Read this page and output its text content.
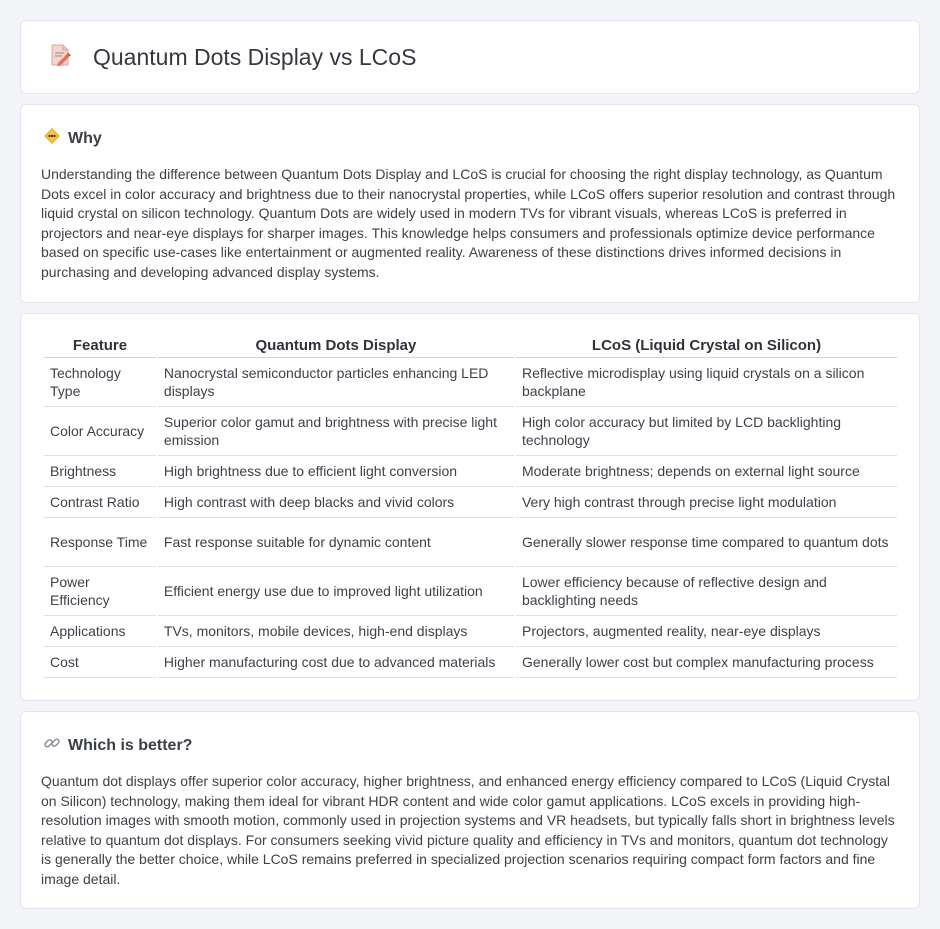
Quantum Dots Display vs LCoS
Why

Understanding the difference between Quantum Dots Display and LCoS is crucial for choosing the right display technology, as Quantum Dots excel in color accuracy and brightness due to their nanocrystal properties, while LCoS offers superior resolution and contrast through liquid crystal on silicon technology. Quantum Dots are widely used in modern TVs for vibrant visuals, whereas LCoS is preferred in projectors and near-eye displays for sharper images. This knowledge helps consumers and professionals optimize device performance based on specific use-cases like entertainment or augmented reality. Awareness of these distinctions drives informed decisions in purchasing and developing advanced display systems.

Feature	Quantum Dots Display	LCoS (Liquid Crystal on Silicon)
Technology Type	Nanocrystal semiconductor particles enhancing LED displays	Reflective microdisplay using liquid crystals on a silicon backplane
Color Accuracy	Superior color gamut and brightness with precise light emission	High color accuracy but limited by LCD backlighting technology
Brightness	High brightness due to efficient light conversion	Moderate brightness; depends on external light source
Contrast Ratio	High contrast with deep blacks and vivid colors	Very high contrast through precise light modulation
Response Time	Fast response suitable for dynamic content	Generally slower response time compared to quantum dots
Power Efficiency	Efficient energy use due to improved light utilization	Lower efficiency because of reflective design and backlighting needs
Applications	TVs, monitors, mobile devices, high-end displays	Projectors, augmented reality, near-eye displays
Cost	Higher manufacturing cost due to advanced materials	Generally lower cost but complex manufacturing process
Which is better?

Quantum dot displays offer superior color accuracy, higher brightness, and enhanced energy efficiency compared to LCoS (Liquid Crystal on Silicon) technology, making them ideal for vibrant HDR content and wide color gamut applications. LCoS excels in providing high-resolution images with smooth motion, commonly used in projection systems and VR headsets, but typically falls short in brightness levels relative to quantum dot displays. For consumers seeking vivid picture quality and efficiency in TVs and monitors, quantum dot technology is generally the better choice, while LCoS remains preferred in specialized projection scenarios requiring compact form factors and fine image detail.
